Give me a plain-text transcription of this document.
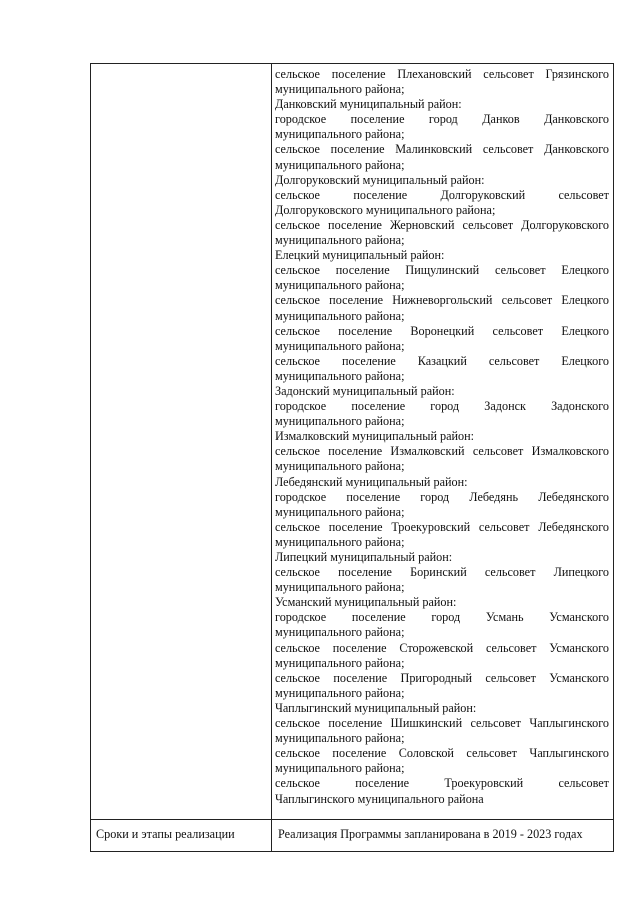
сельское поселение Плехановский сельсовет Грязинского
муниципального района;
Данковский муниципальный район:
городское поселение город Данков Данковского
муниципального района;
сельское поселение Малинковский сельсовет Данковского
муниципального района;
Долгоруковский муниципальный район:
сельское поселение Долгоруковский сельсовет
Долгоруковского муниципального района;
сельское поселение Жерновский сельсовет Долгоруковского
муниципального района;
Елецкий муниципальный район:
сельское поселение Пищулинский сельсовет Елецкого
муниципального района;
сельское поселение Нижневоргольский сельсовет Елецкого
муниципального района;
сельское поселение Воронецкий сельсовет Елецкого
муниципального района;
сельское поселение Казацкий сельсовет Елецкого
муниципального района;
Задонский муниципальный район:
городское поселение город Задонск Задонского
муниципального района;
Измалковский муниципальный район:
сельское поселение Измалковский сельсовет Измалковского
муниципального района;
Лебедянский муниципальный район:
городское поселение город Лебедянь Лебедянского
муниципального района;
сельское поселение Троекуровский сельсовет Лебедянского
муниципального района;
Липецкий муниципальный район:
сельское поселение Боринский сельсовет Липецкого
муниципального района;
Усманский муниципальный район:
городское поселение город Усмань Усманского
муниципального района;
сельское поселение Сторожевской сельсовет Усманского
муниципального района;
сельское поселение Пригородный сельсовет Усманского
муниципального района;
Чаплыгинский муниципальный район:
сельское поселение Шишкинский сельсовет Чаплыгинского
муниципального района;
сельское поселение Соловской сельсовет Чаплыгинского
муниципального района;
сельское поселение Троекуровский сельсовет
Чаплыгинского муниципального района
Сроки и этапы реализации	Реализация Программы запланирована в 2019 - 2023 годах
